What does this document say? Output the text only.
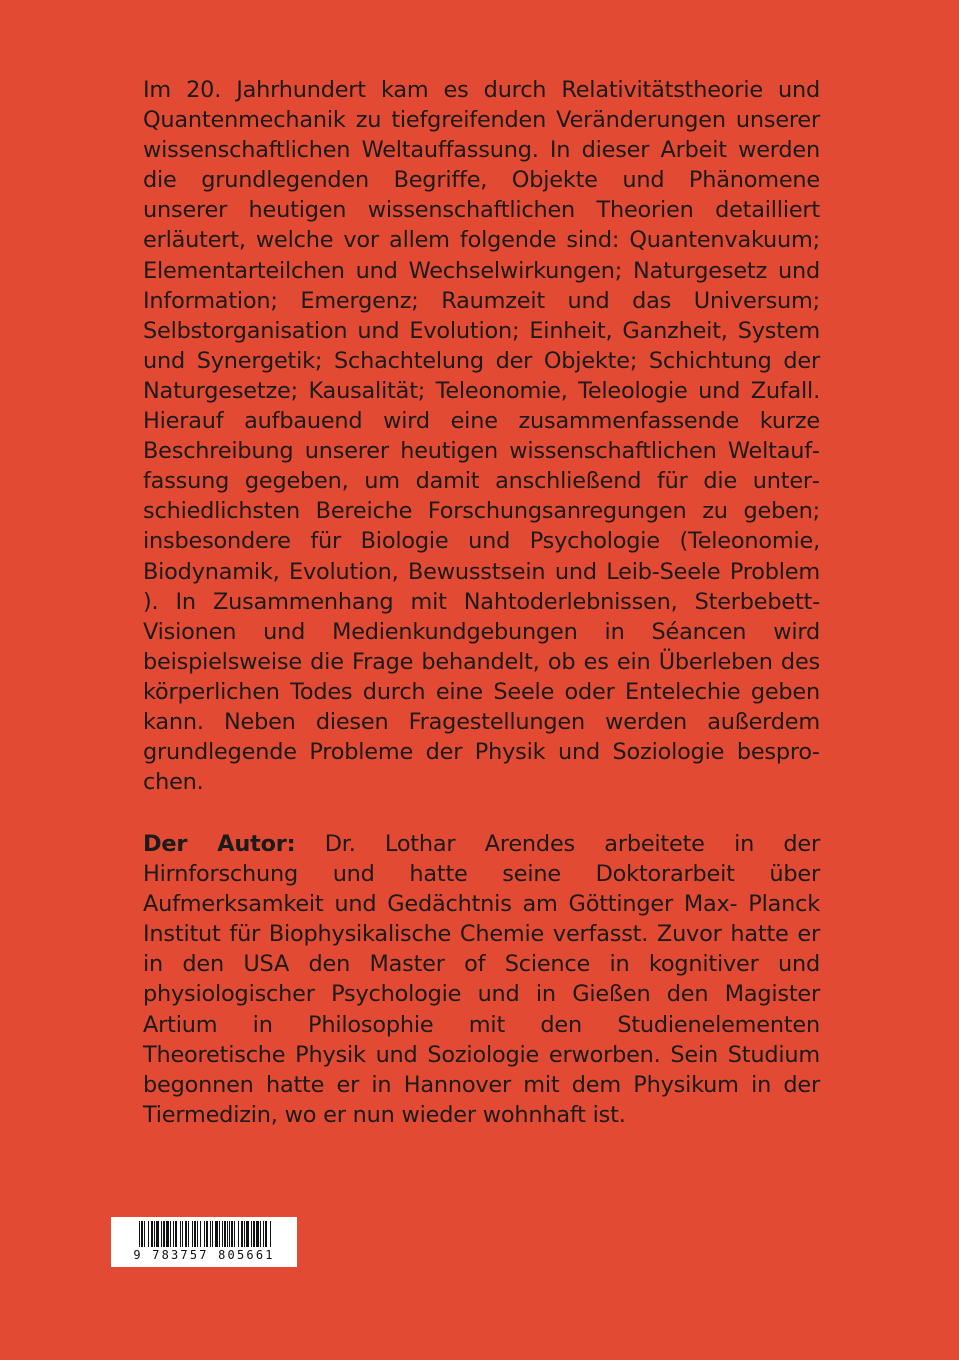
Im 20. Jahrhundert kam es durch Relativitätstheorie und Quantenmechanik zu tiefgreifenden Veränderungen unserer wissenschaftlichen Weltauffassung. In dieser Arbeit werden die grundlegenden Begriffe, Objekte und Phänomene unserer heutigen wissenschaftlichen Theorien detailliert erläutert, welche vor allem folgende sind: Quantenvakuum; Elementarteilchen und Wechselwirkungen; Naturgesetz und Information; Emergenz; Raumzeit und das Universum; Selbstorganisation und Evolution; Einheit, Ganzheit, System und Synergetik; Schachtelung der Objekte; Schichtung der Naturgesetze; Kausalität; Teleonomie, Teleologie und Zufall. Hierauf aufbauend wird eine zusammenfassende kurze Beschreibung unserer heutigen wissenschaftlichen Weltauffassung gegeben, um damit anschließend für die unterschiedlichsten Bereiche Forschungsanregungen zu geben; insbesondere für Biologie und Psychologie (Teleonomie, Biodynamik, Evolution, Bewusstsein und Leib-Seele Problem ). In Zusammenhang mit Nahtoderlebnissen, Sterbebett-Visionen und Medienkundgebungen in Séancen wird beispielsweise die Frage behandelt, ob es ein Überleben des körperlichen Todes durch eine Seele oder Entelechie geben kann. Neben diesen Fragestellungen werden außerdem grundlegende Probleme der Physik und Soziologie besprochen.
Der Autor: Dr. Lothar Arendes arbeitete in der Hirnforschung und hatte seine Doktorarbeit über Aufmerksamkeit und Gedächtnis am Göttinger Max- Planck Institut für Biophysikalische Chemie verfasst. Zuvor hatte er in den USA den Master of Science in kognitiver und physiologischer Psychologie und in Gießen den Magister Artium in Philosophie mit den Studienelementen Theoretische Physik und Soziologie erworben. Sein Studium begonnen hatte er in Hannover mit dem Physikum in der Tiermedizin, wo er nun wieder wohnhaft ist.
9 783757 805661
